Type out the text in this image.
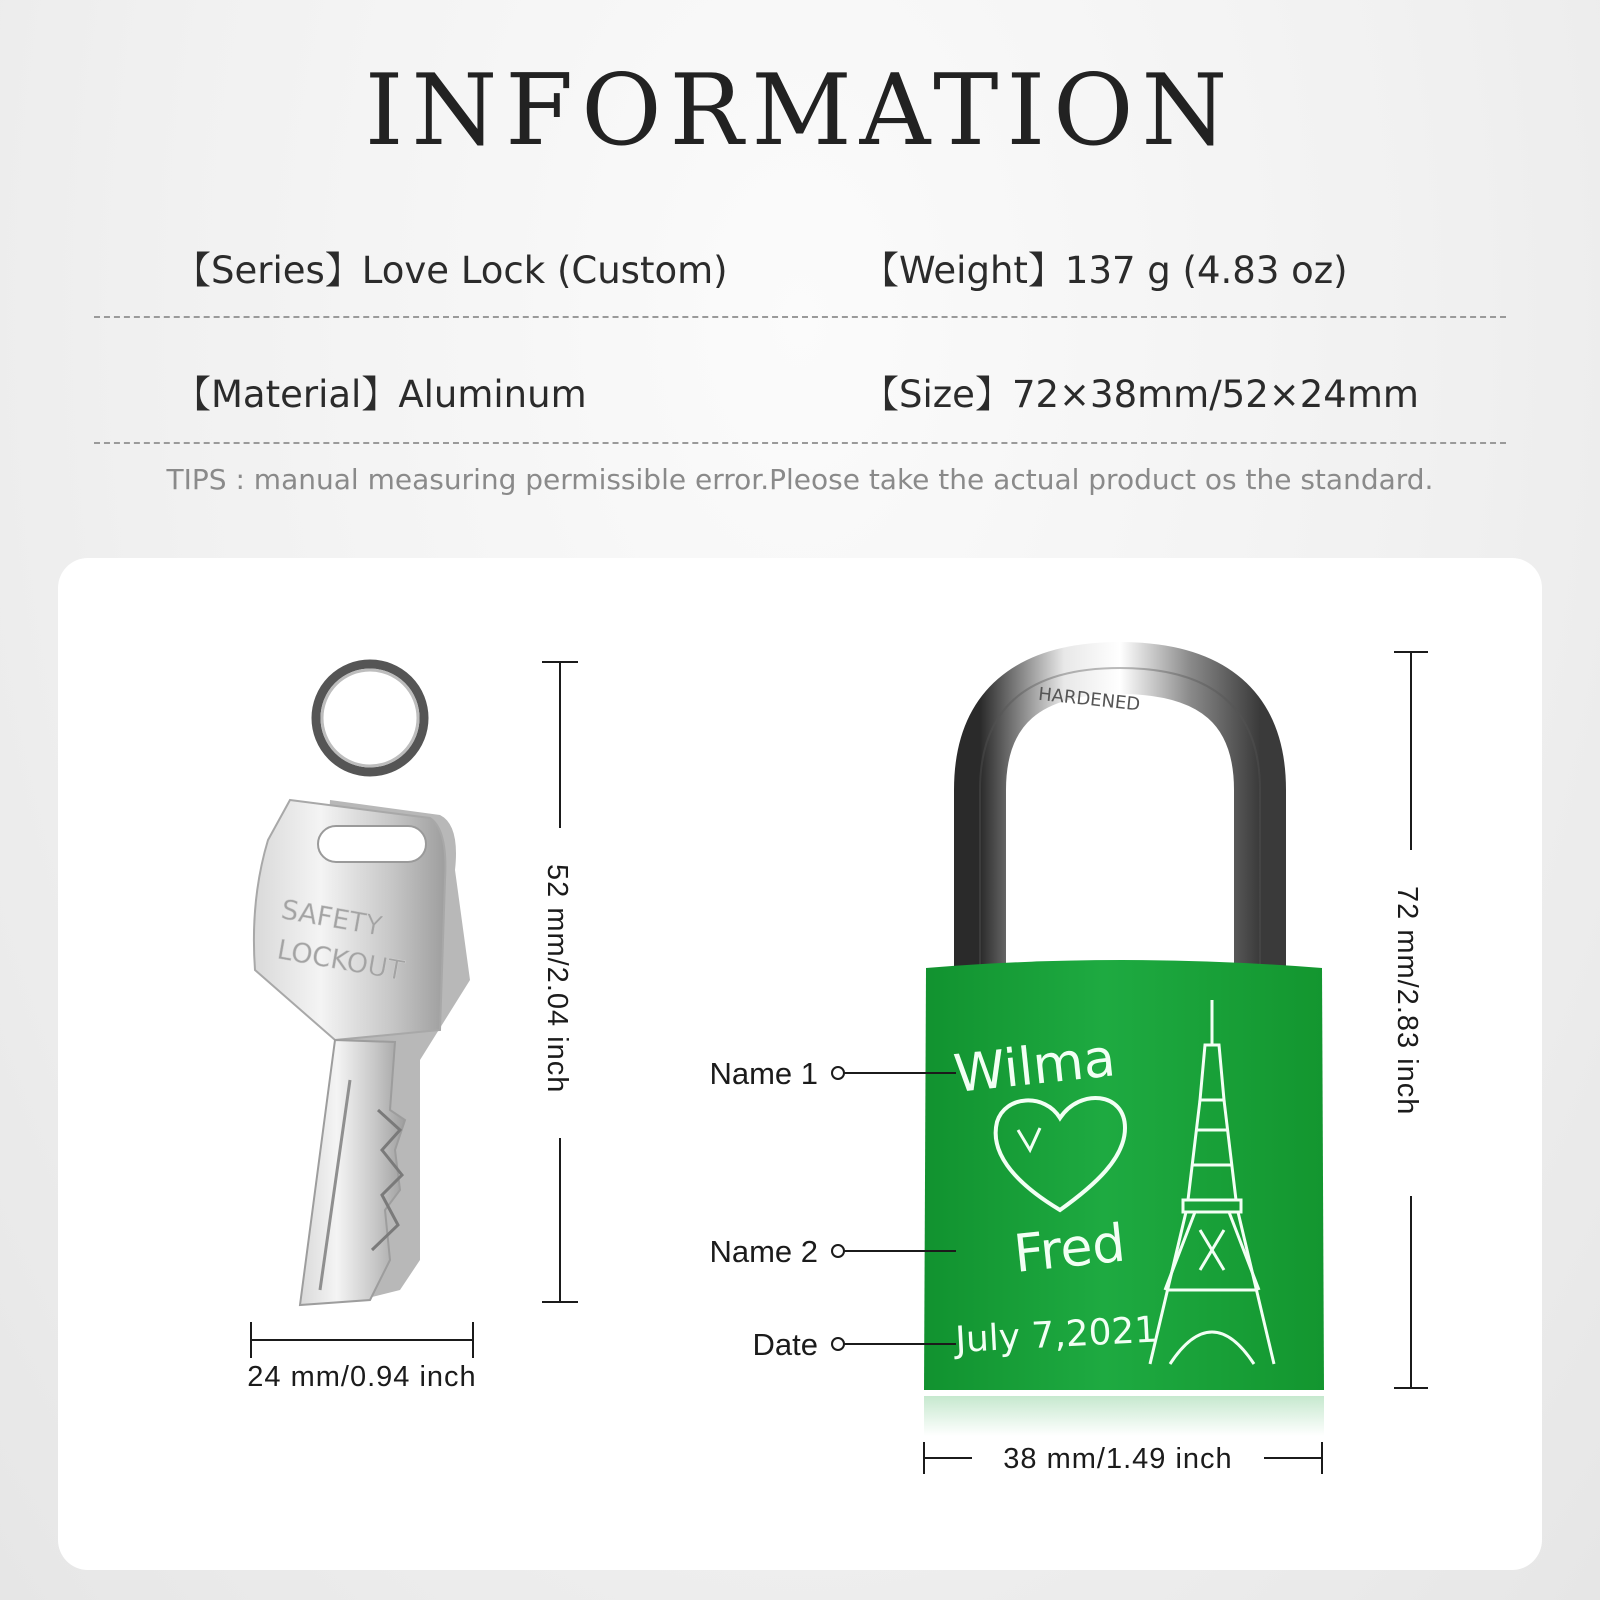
INFORMATION
【Series】Love Lock (Custom)	【Weight】137 g (4.83 oz)
【Material】Aluminum	【Size】72×38mm/52×24mm
TIPS : manual measuring permissible error.Pleose take the actual product os the standard.
SAFETY
LOCKOUT	52 mm/2.04 inch
24 mm/0.94 inch
HARDENED
Wilma
Fred
July 7,2021
72 mm/2.83 inch
38 mm/1.49 inch
Name 1
Name 2
Date
